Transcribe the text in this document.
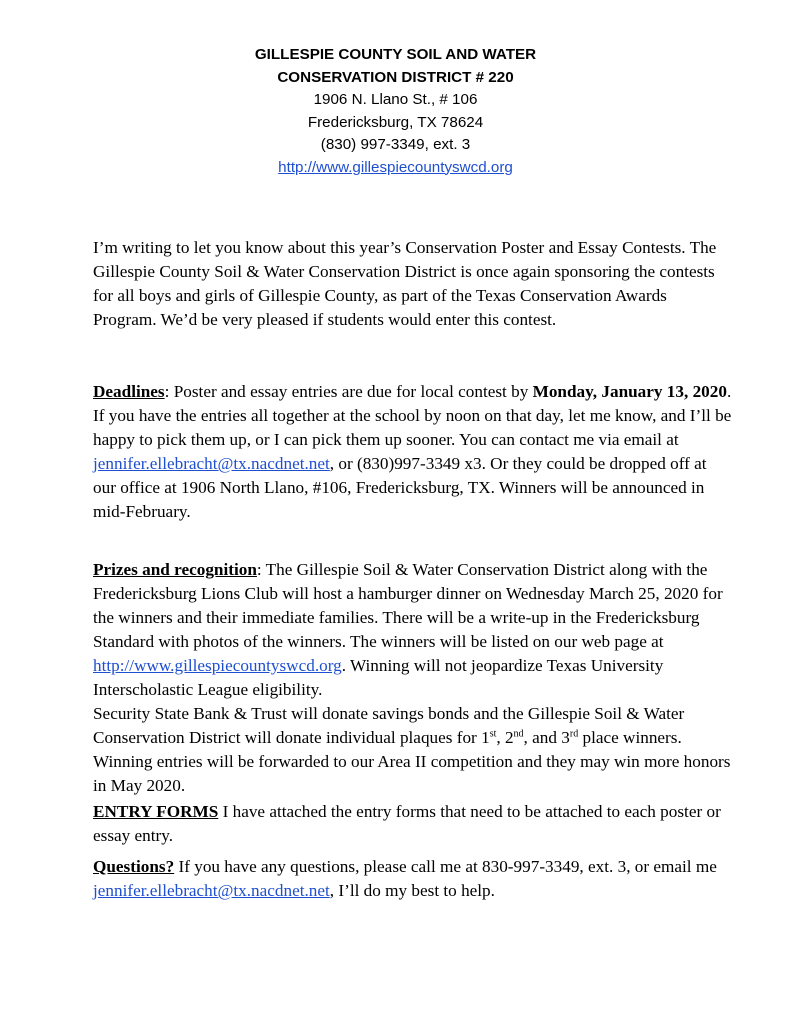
GILLESPIE COUNTY SOIL AND WATER
CONSERVATION DISTRICT # 220
1906 N. Llano St., # 106
Fredericksburg, TX 78624
(830) 997-3349, ext. 3
http://www.gillespiecountyswcd.org

I’m writing to let you know about this year’s Conservation Poster and Essay Contests. The Gillespie County Soil & Water Conservation District is once again sponsoring the contests for all boys and girls of Gillespie County, as part of the Texas Conservation Awards Program. We’d be very pleased if students would enter this contest.

Deadlines: Poster and essay entries are due for local contest by Monday, January 13, 2020. If you have the entries all together at the school by noon on that day, let me know, and I’ll be happy to pick them up, or I can pick them up sooner. You can contact me via email at jennifer.ellebracht@tx.nacdnet.net, or (830)997-3349 x3. Or they could be dropped off at our office at 1906 North Llano, #106, Fredericksburg, TX. Winners will be announced in mid-February.

Prizes and recognition: The Gillespie Soil & Water Conservation District along with the Fredericksburg Lions Club will host a hamburger dinner on Wednesday March 25, 2020 for the winners and their immediate families. There will be a write-up in the Fredericksburg Standard with photos of the winners. The winners will be listed on our web page at http://www.gillespiecountyswcd.org. Winning will not jeopardize Texas University Interscholastic League eligibility.

Security State Bank & Trust will donate savings bonds and the Gillespie Soil & Water Conservation District will donate individual plaques for 1st, 2nd, and 3rd place winners. Winning entries will be forwarded to our Area II competition and they may win more honors in May 2020.

ENTRY FORMS I have attached the entry forms that need to be attached to each poster or essay entry.

Questions? If you have any questions, please call me at 830-997-3349, ext. 3, or email me jennifer.ellebracht@tx.nacdnet.net, I’ll do my best to help.
